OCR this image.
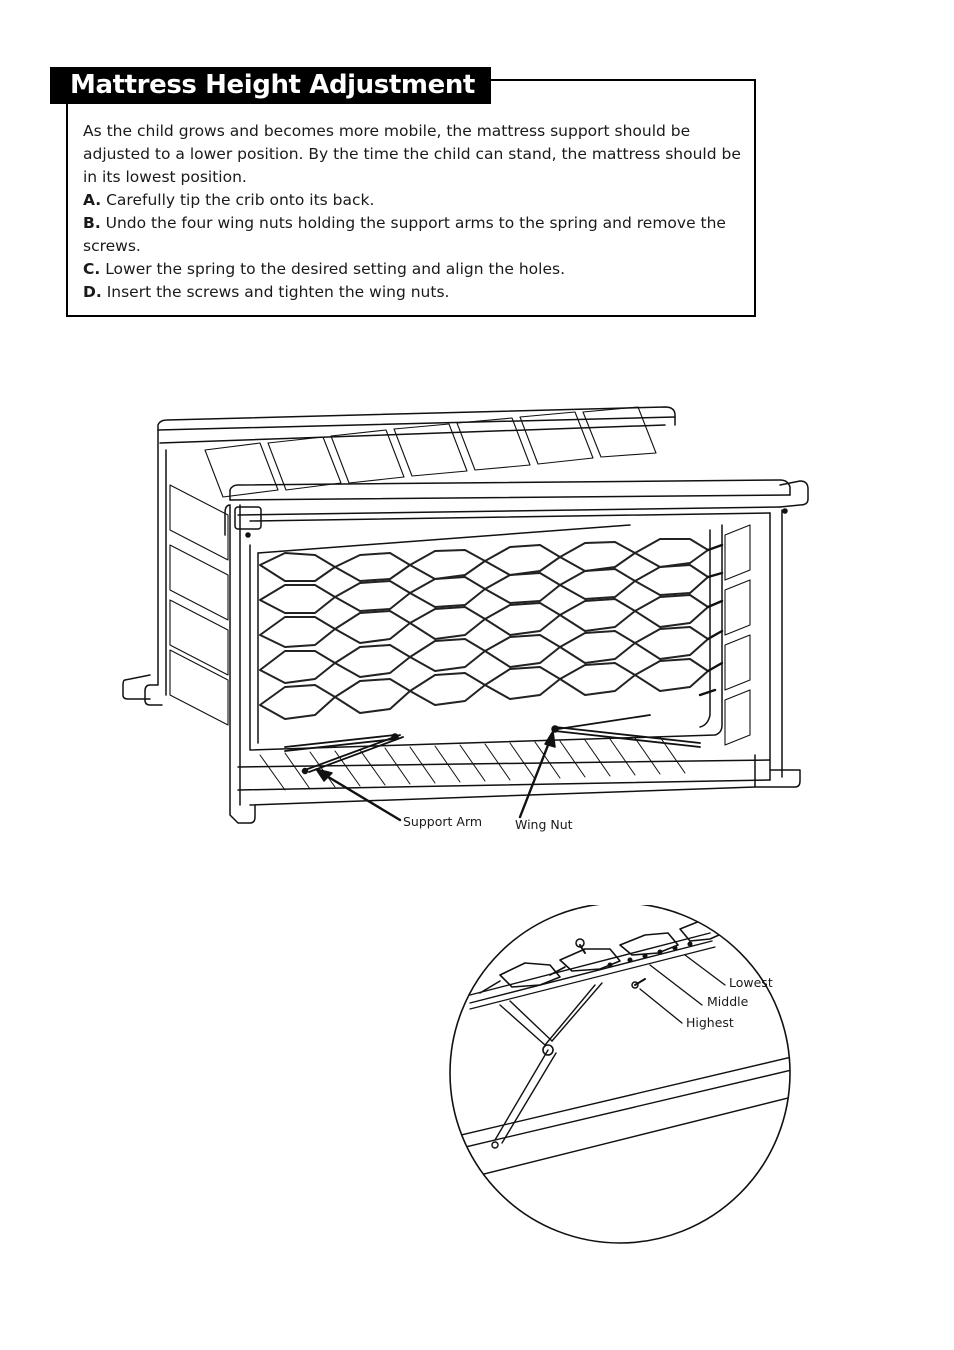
Mattress Height Adjustment

As the child grows and becomes more mobile, the mattress support should be adjusted to a lower position. By the time the child can stand, the mattress should be in its lowest position.

A. Carefully tip the crib onto its back.

B. Undo the four wing nuts holding the support arms to the spring and remove the screws.

C. Lower the spring to the desired setting and align the holes.

D. Insert the screws and tighten the wing nuts.

Support Arm	Wing Nut
Lowest
Middle
Highest
